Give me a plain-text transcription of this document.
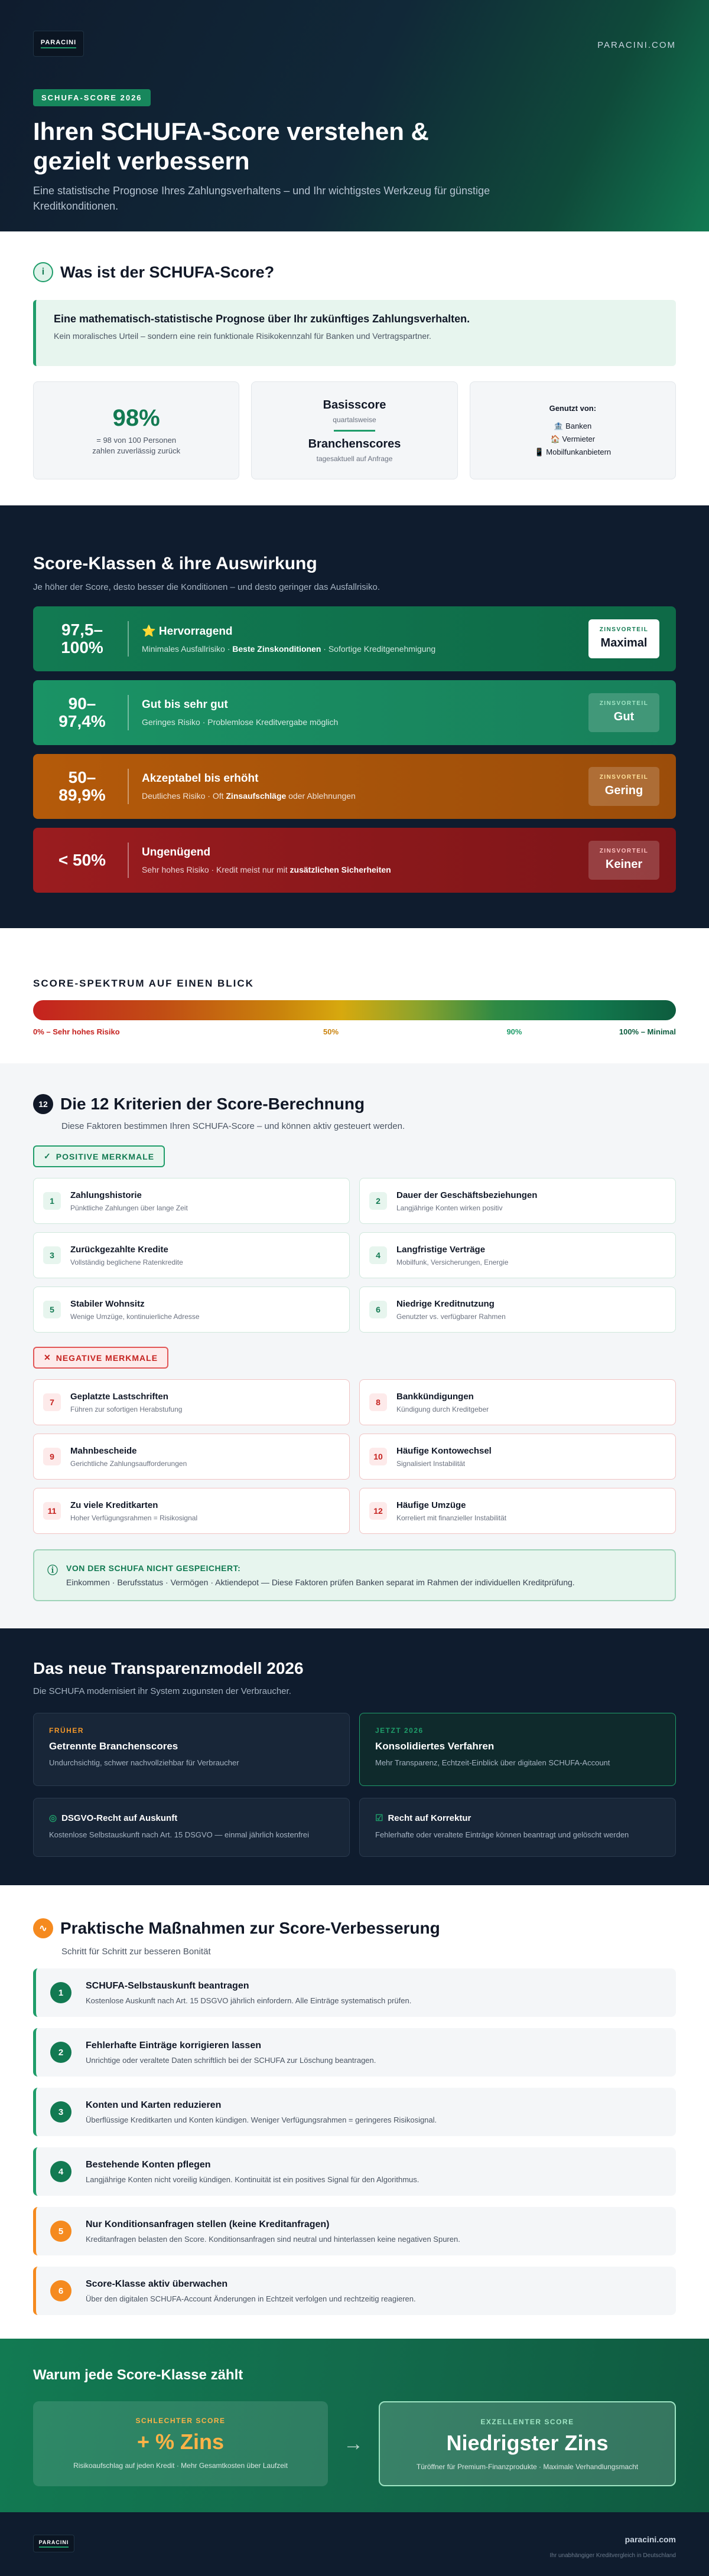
PARACINI	PARACINI.COM
SCHUFA-SCORE 2026
Ihren SCHUFA-Score verstehen & gezielt verbessern

Eine statistische Prognose Ihres Zahlungsverhaltens – und Ihr wichtigstes Werkzeug für günstige Kreditkonditionen.

i Was ist der SCHUFA-Score?
Eine mathematisch-statistische Prognose über Ihr zukünftiges Zahlungsverhalten.

Kein moralisches Urteil – sondern eine rein funktionale Risikokennzahl für Banken und Vertragspartner.

98%
= 98 von 100 Personen
zahlen zuverlässig zurück
Basisscore
quartalsweise
Branchenscores
tagesaktuell auf Anfrage
Genutzt von:
🏦 Banken
🏠 Vermieter
📱 Mobilfunkanbietern
Score-Klassen & ihre Auswirkung
Je höher der Score, desto besser die Konditionen – und desto geringer das Ausfallrisiko.
97,5–100%
⭐ Hervorragend

Minimales Ausfallrisiko · Beste Zinskonditionen · Sofortige Kreditgenehmigung

ZINSVORTEIL
Maximal
90–97,4%
Gut bis sehr gut

Geringes Risiko · Problemlose Kreditvergabe möglich

ZINSVORTEIL
Gut
50–89,9%
Akzeptabel bis erhöht

Deutliches Risiko · Oft Zinsaufschläge oder Ablehnungen

ZINSVORTEIL
Gering
< 50%	Ungenügend

Sehr hohes Risiko · Kredit meist nur mit zusätzlichen Sicherheiten

ZINSVORTEIL
Keiner
SCORE-SPEKTRUM AUF EINEN BLICK
0% – Sehr hohes Risiko	50%	90%	100% – Minimal
12 Die 12 Kriterien der Score-Berechnung
Diese Faktoren bestimmen Ihren SCHUFA-Score – und können aktiv gesteuert werden.
✓ POSITIVE MERKMALE
1
Zahlungshistorie

Pünktliche Zahlungen über lange Zeit

2
Dauer der Geschäftsbeziehungen

Langjährige Konten wirken positiv

3
Zurückgezahlte Kredite

Vollständig beglichene Ratenkredite

4
Langfristige Verträge

Mobilfunk, Versicherungen, Energie

5
Stabiler Wohnsitz

Wenige Umzüge, kontinuierliche Adresse

6
Niedrige Kreditnutzung

Genutzter vs. verfügbarer Rahmen

✕ NEGATIVE MERKMALE
7
Geplatzte Lastschriften

Führen zur sofortigen Herabstufung

8
Bankkündigungen

Kündigung durch Kreditgeber

9
Mahnbescheide

Gerichtliche Zahlungsaufforderungen

10
Häufige Kontowechsel

Signalisiert Instabilität

11
Zu viele Kreditkarten

Hoher Verfügungsrahmen = Risikosignal

12
Häufige Umzüge

Korreliert mit finanzieller Instabilität

ⓘ VON DER SCHUFA NICHT GESPEICHERT:

Einkommen · Berufsstatus · Vermögen · Aktiendepot — Diese Faktoren prüfen Banken separat im Rahmen der individuellen Kreditprüfung.

Das neue Transparenzmodell 2026
Die SCHUFA modernisiert ihr System zugunsten der Verbraucher.
FRÜHER
Getrennte Branchenscores

Undurchsichtig, schwer nachvollziehbar für Verbraucher

JETZT 2026
Konsolidiertes Verfahren

Mehr Transparenz, Echtzeit-Einblick über digitalen SCHUFA-Account

◎ DSGVO-Recht auf Auskunft

Kostenlose Selbstauskunft nach Art. 15 DSGVO — einmal jährlich kostenfrei

☑ Recht auf Korrektur

Fehlerhafte oder veraltete Einträge können beantragt und gelöscht werden

∿ Praktische Maßnahmen zur Score-Verbesserung
Schritt für Schritt zur besseren Bonität
1
SCHUFA-Selbstauskunft beantragen

Kostenlose Auskunft nach Art. 15 DSGVO jährlich einfordern. Alle Einträge systematisch prüfen.

2
Fehlerhafte Einträge korrigieren lassen

Unrichtige oder veraltete Daten schriftlich bei der SCHUFA zur Löschung beantragen.

3
Konten und Karten reduzieren

Überflüssige Kreditkarten und Konten kündigen. Weniger Verfügungsrahmen = geringeres Risikosignal.

4
Bestehende Konten pflegen

Langjährige Konten nicht voreilig kündigen. Kontinuität ist ein positives Signal für den Algorithmus.

5
Nur Konditionsanfragen stellen (keine Kreditanfragen)

Kreditanfragen belasten den Score. Konditionsanfragen sind neutral und hinterlassen keine negativen Spuren.

6
Score-Klasse aktiv überwachen

Über den digitalen SCHUFA-Account Änderungen in Echtzeit verfolgen und rechtzeitig reagieren.

Warum jede Score-Klasse zählt
SCHLECHTER SCORE
+ % Zins
Risikoaufschlag auf jeden Kredit · Mehr Gesamtkosten über Laufzeit
→
EXZELLENTER SCORE
Niedrigster Zins
Türöffner für Premium-Finanzprodukte · Maximale Verhandlungsmacht
PARACINI	paracini.com
Ihr unabhängiger Kreditvergleich in Deutschland
